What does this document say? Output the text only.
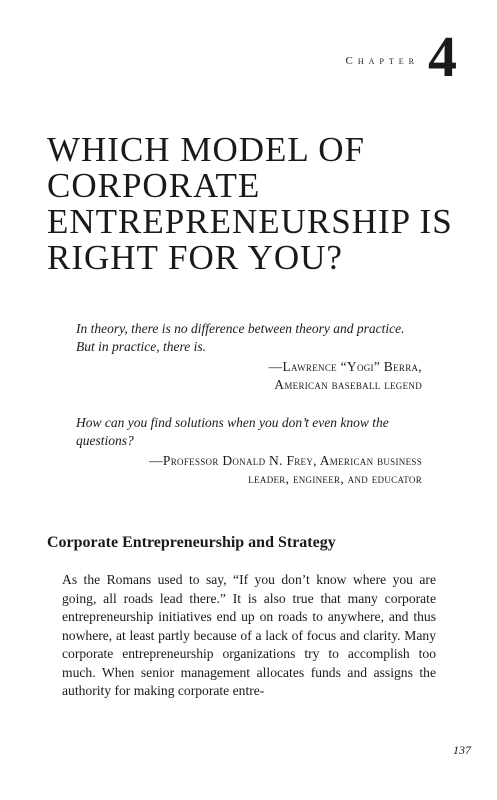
Chapter 4
WHICH MODEL OF CORPORATE ENTREPRENEURSHIP IS RIGHT FOR YOU?

In theory, there is no difference between theory and practice. But in practice, there is.

—Lawrence “Yogi” Berra,
American baseball legend

How can you find solutions when you don’t even know the questions?

—Professor Donald N. Frey, American business
leader, engineer, and educator

Corporate Entrepreneurship and Strategy

As the Romans used to say, “If you don’t know where you are going, all roads lead there.” It is also true that many corporate entrepreneurship initiatives end up on roads to anywhere, and thus nowhere, at least partly because of a lack of focus and clarity. Many corporate entrepreneurship organizations try to accomplish too much. When senior management allocates funds and assigns the authority for making corporate entre-

137
